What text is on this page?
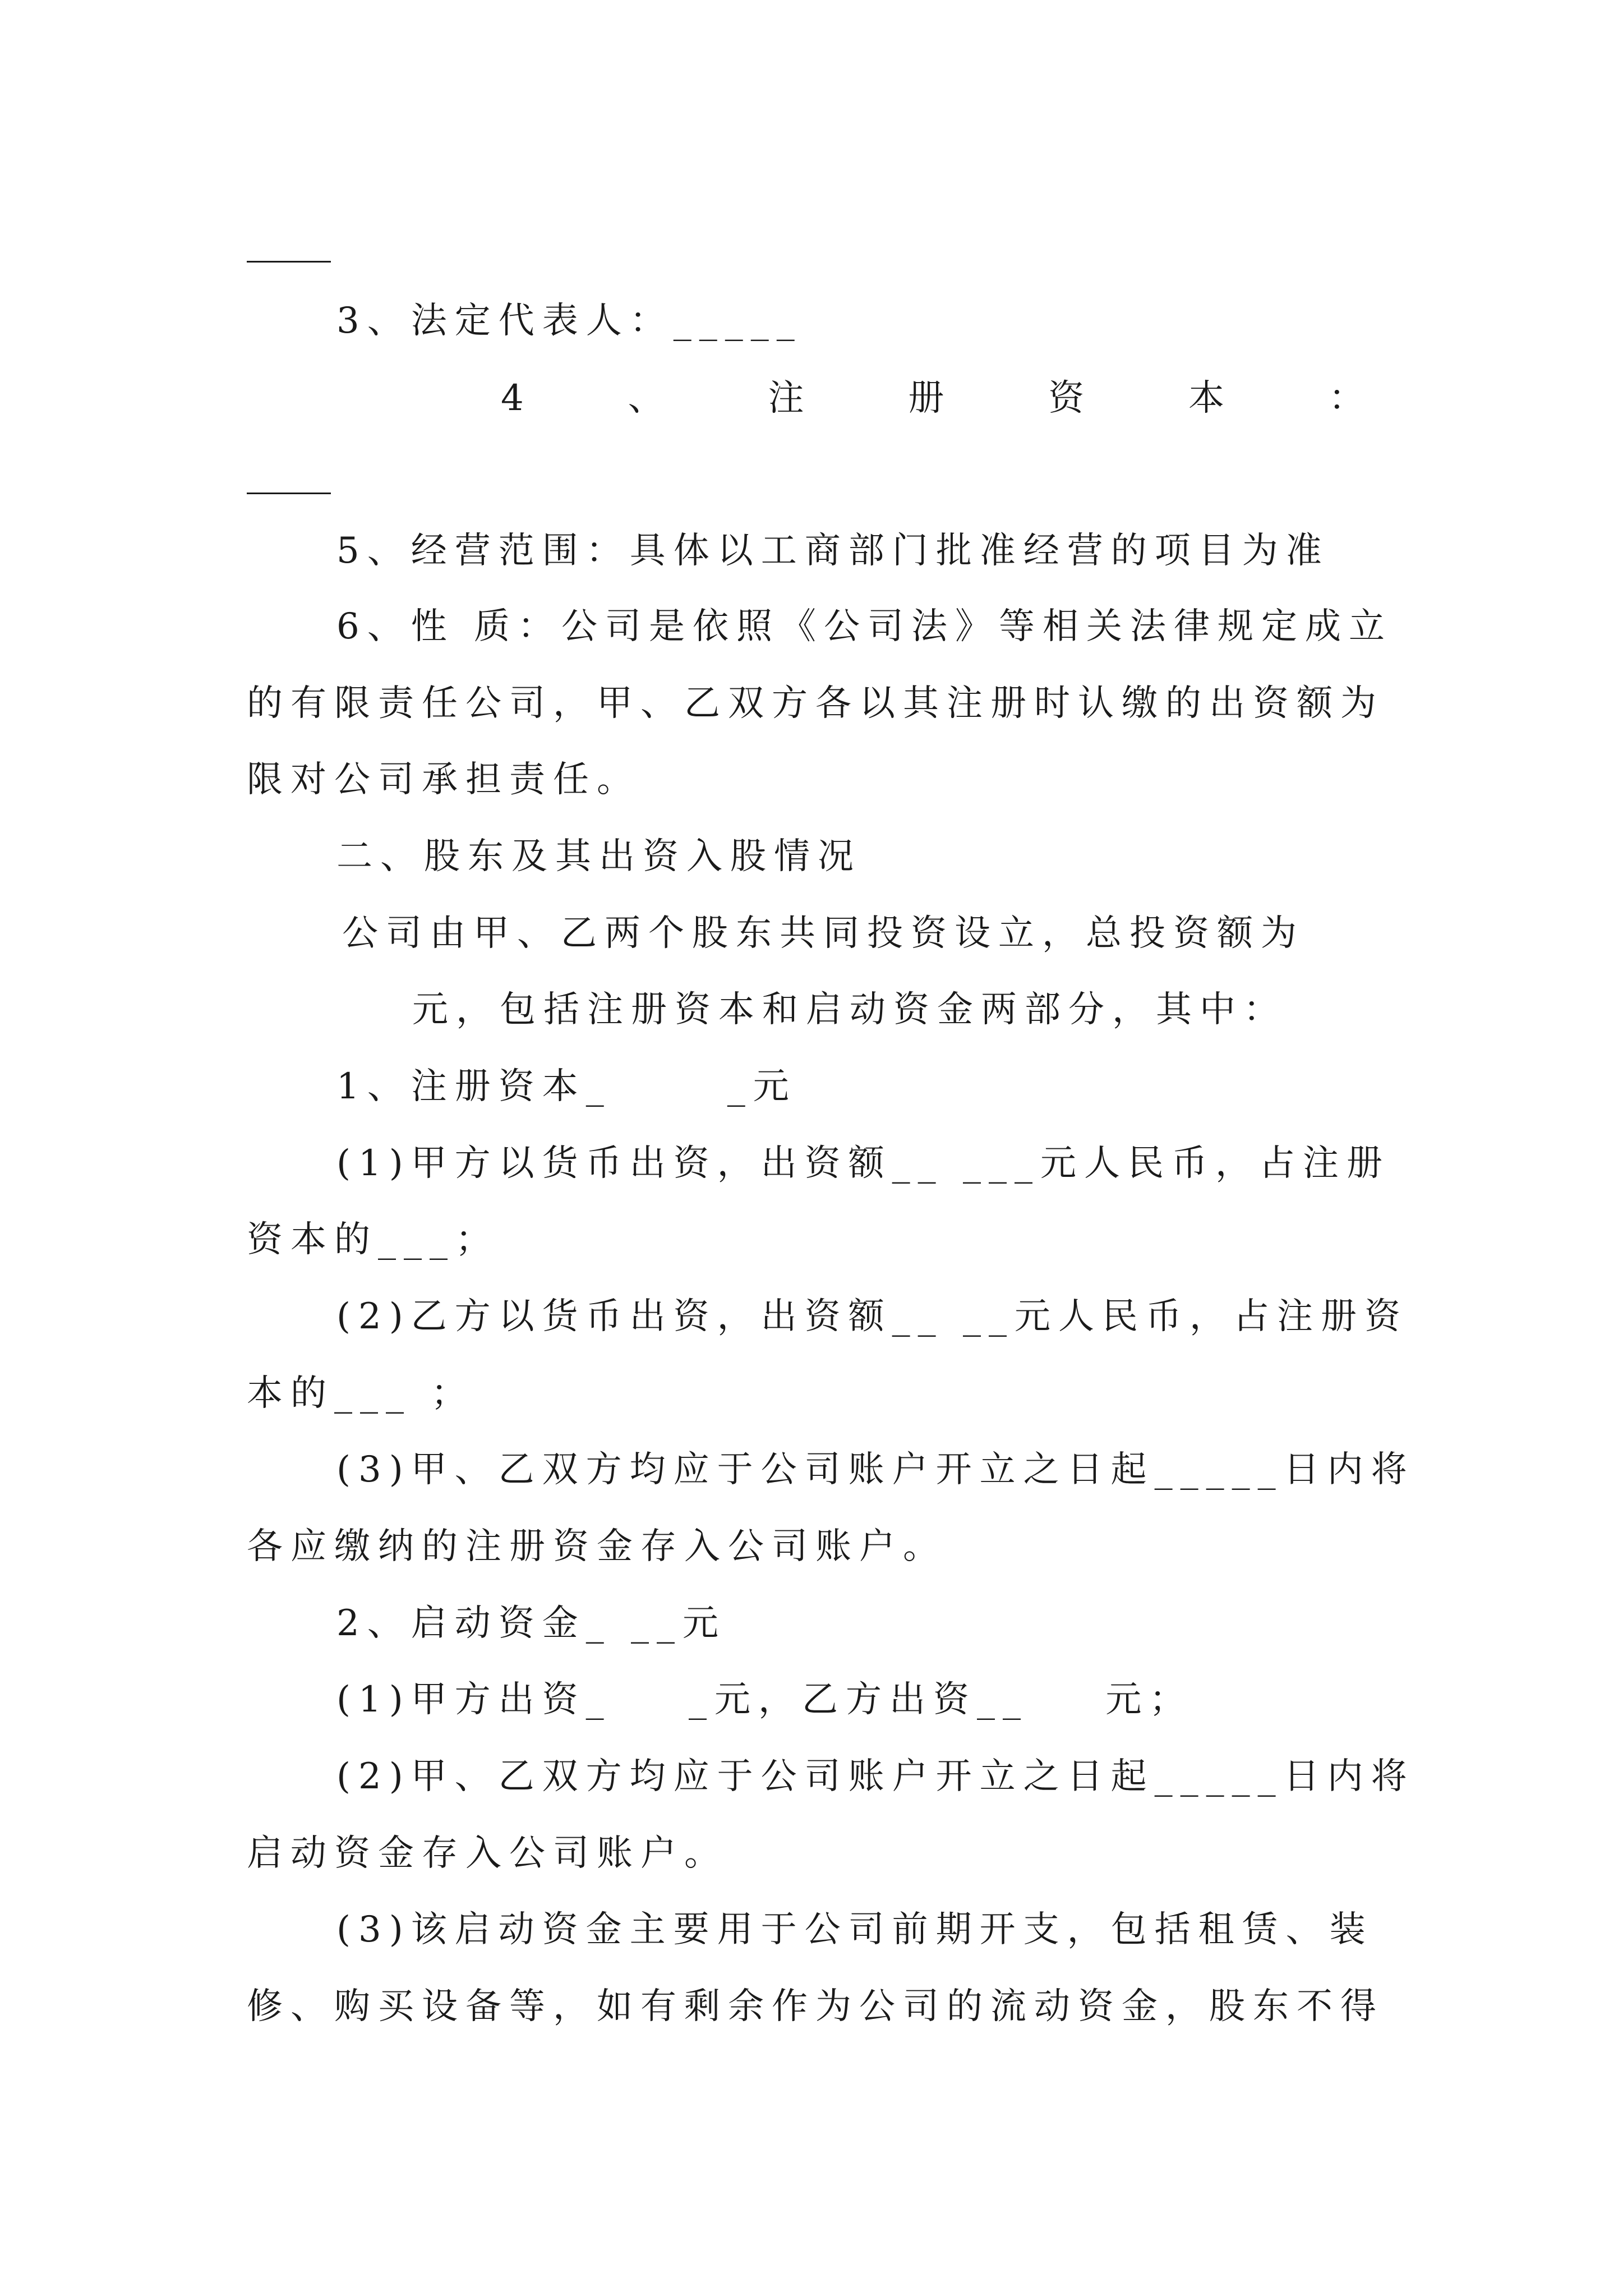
3、法定代表人：_____
4	、	注	册	资	本	：
5、经营范围：具体以工商部门批准经营的项目为准
6、性 质：公司是依照《公司法》等相关法律规定成立
的有限责任公司，甲、乙双方各以其注册时认缴的出资额为
限对公司承担责任。
二、股东及其出资入股情况
公司由甲、乙两个股东共同投资设立，总投资额为
元，包括注册资本和启动资金两部分，其中：
1、注册资本_      _元
(1)甲方以货币出资，出资额__ ___元人民币，占注册
资本的___；
(2)乙方以货币出资，出资额__ __元人民币，占注册资
本的___ ；
(3)甲、乙双方均应于公司账户开立之日起_____日内将
各应缴纳的注册资金存入公司账户。
2、启动资金_ __元
(1)甲方出资_    _元，乙方出资__    元；
(2)甲、乙双方均应于公司账户开立之日起_____日内将
启动资金存入公司账户。
(3)该启动资金主要用于公司前期开支，包括租赁、装
修、购买设备等，如有剩余作为公司的流动资金，股东不得
